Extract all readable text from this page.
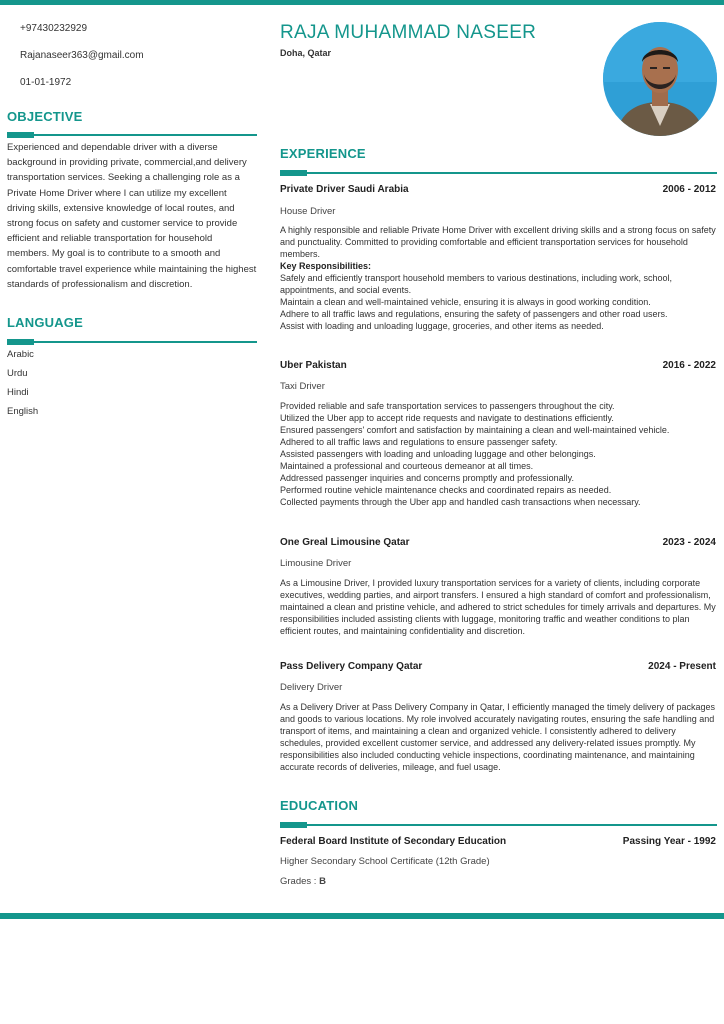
+97430232929
Rajanaseer363@gmail.com
01-01-1972
OBJECTIVE
Experienced and dependable driver with a diverse background in providing private, commercial,and delivery transportation services. Seeking a challenging role as a Private Home Driver where I can utilize my excellent driving skills, extensive knowledge of local routes, and strong focus on safety and customer service to provide efficient and reliable transportation for household members. My goal is to contribute to a smooth and comfortable travel experience while maintaining the highest standards of professionalism and discretion.
LANGUAGE
Arabic
Urdu
Hindi
English
RAJA MUHAMMAD NASEER
Doha, Qatar
EXPERIENCE
Private Driver Saudi Arabia	2006 - 2012
House Driver

A highly responsible and reliable Private Home Driver with excellent driving skills and a strong focus on safety and punctuality. Committed to providing comfortable and efficient transportation services for household members.

Key Responsibilities:

Safely and efficiently transport household members to various destinations, including work, school, appointments, and social events.

Maintain a clean and well-maintained vehicle, ensuring it is always in good working condition.

Adhere to all traffic laws and regulations, ensuring the safety of passengers and other road users.

Assist with loading and unloading luggage, groceries, and other items as needed.

Uber Pakistan	2016 - 2022
Taxi Driver

Provided reliable and safe transportation services to passengers throughout the city.

Utilized the Uber app to accept ride requests and navigate to destinations efficiently.

Ensured passengers' comfort and satisfaction by maintaining a clean and well-maintained vehicle.

Adhered to all traffic laws and regulations to ensure passenger safety.

Assisted passengers with loading and unloading luggage and other belongings.

Maintained a professional and courteous demeanor at all times.

Addressed passenger inquiries and concerns promptly and professionally.

Performed routine vehicle maintenance checks and coordinated repairs as needed.

Collected payments through the Uber app and handled cash transactions when necessary.

One Greal Limousine Qatar	2023 - 2024
Limousine Driver
As a Limousine Driver, I provided luxury transportation services for a variety of clients, including corporate executives, wedding parties, and airport transfers. I ensured a high standard of comfort and professionalism, maintained a clean and pristine vehicle, and adhered to strict schedules for timely arrivals and departures. My responsibilities included assisting clients with luggage, monitoring traffic and weather conditions to plan efficient routes, and maintaining confidentiality and discretion.
Pass Delivery Company Qatar	2024 - Present
Delivery Driver
As a Delivery Driver at Pass Delivery Company in Qatar, I efficiently managed the timely delivery of packages and goods to various locations. My role involved accurately navigating routes, ensuring the safe handling and transport of items, and maintaining a clean and organized vehicle. I consistently adhered to delivery schedules, provided excellent customer service, and addressed any delivery-related issues promptly. My responsibilities also included conducting vehicle inspections, coordinating maintenance, and maintaining accurate records of deliveries, mileage, and fuel usage.
EDUCATION
Federal Board Institute of Secondary Education	Passing Year - 1992
Higher Secondary School Certificate (12th Grade)
Grades : B
